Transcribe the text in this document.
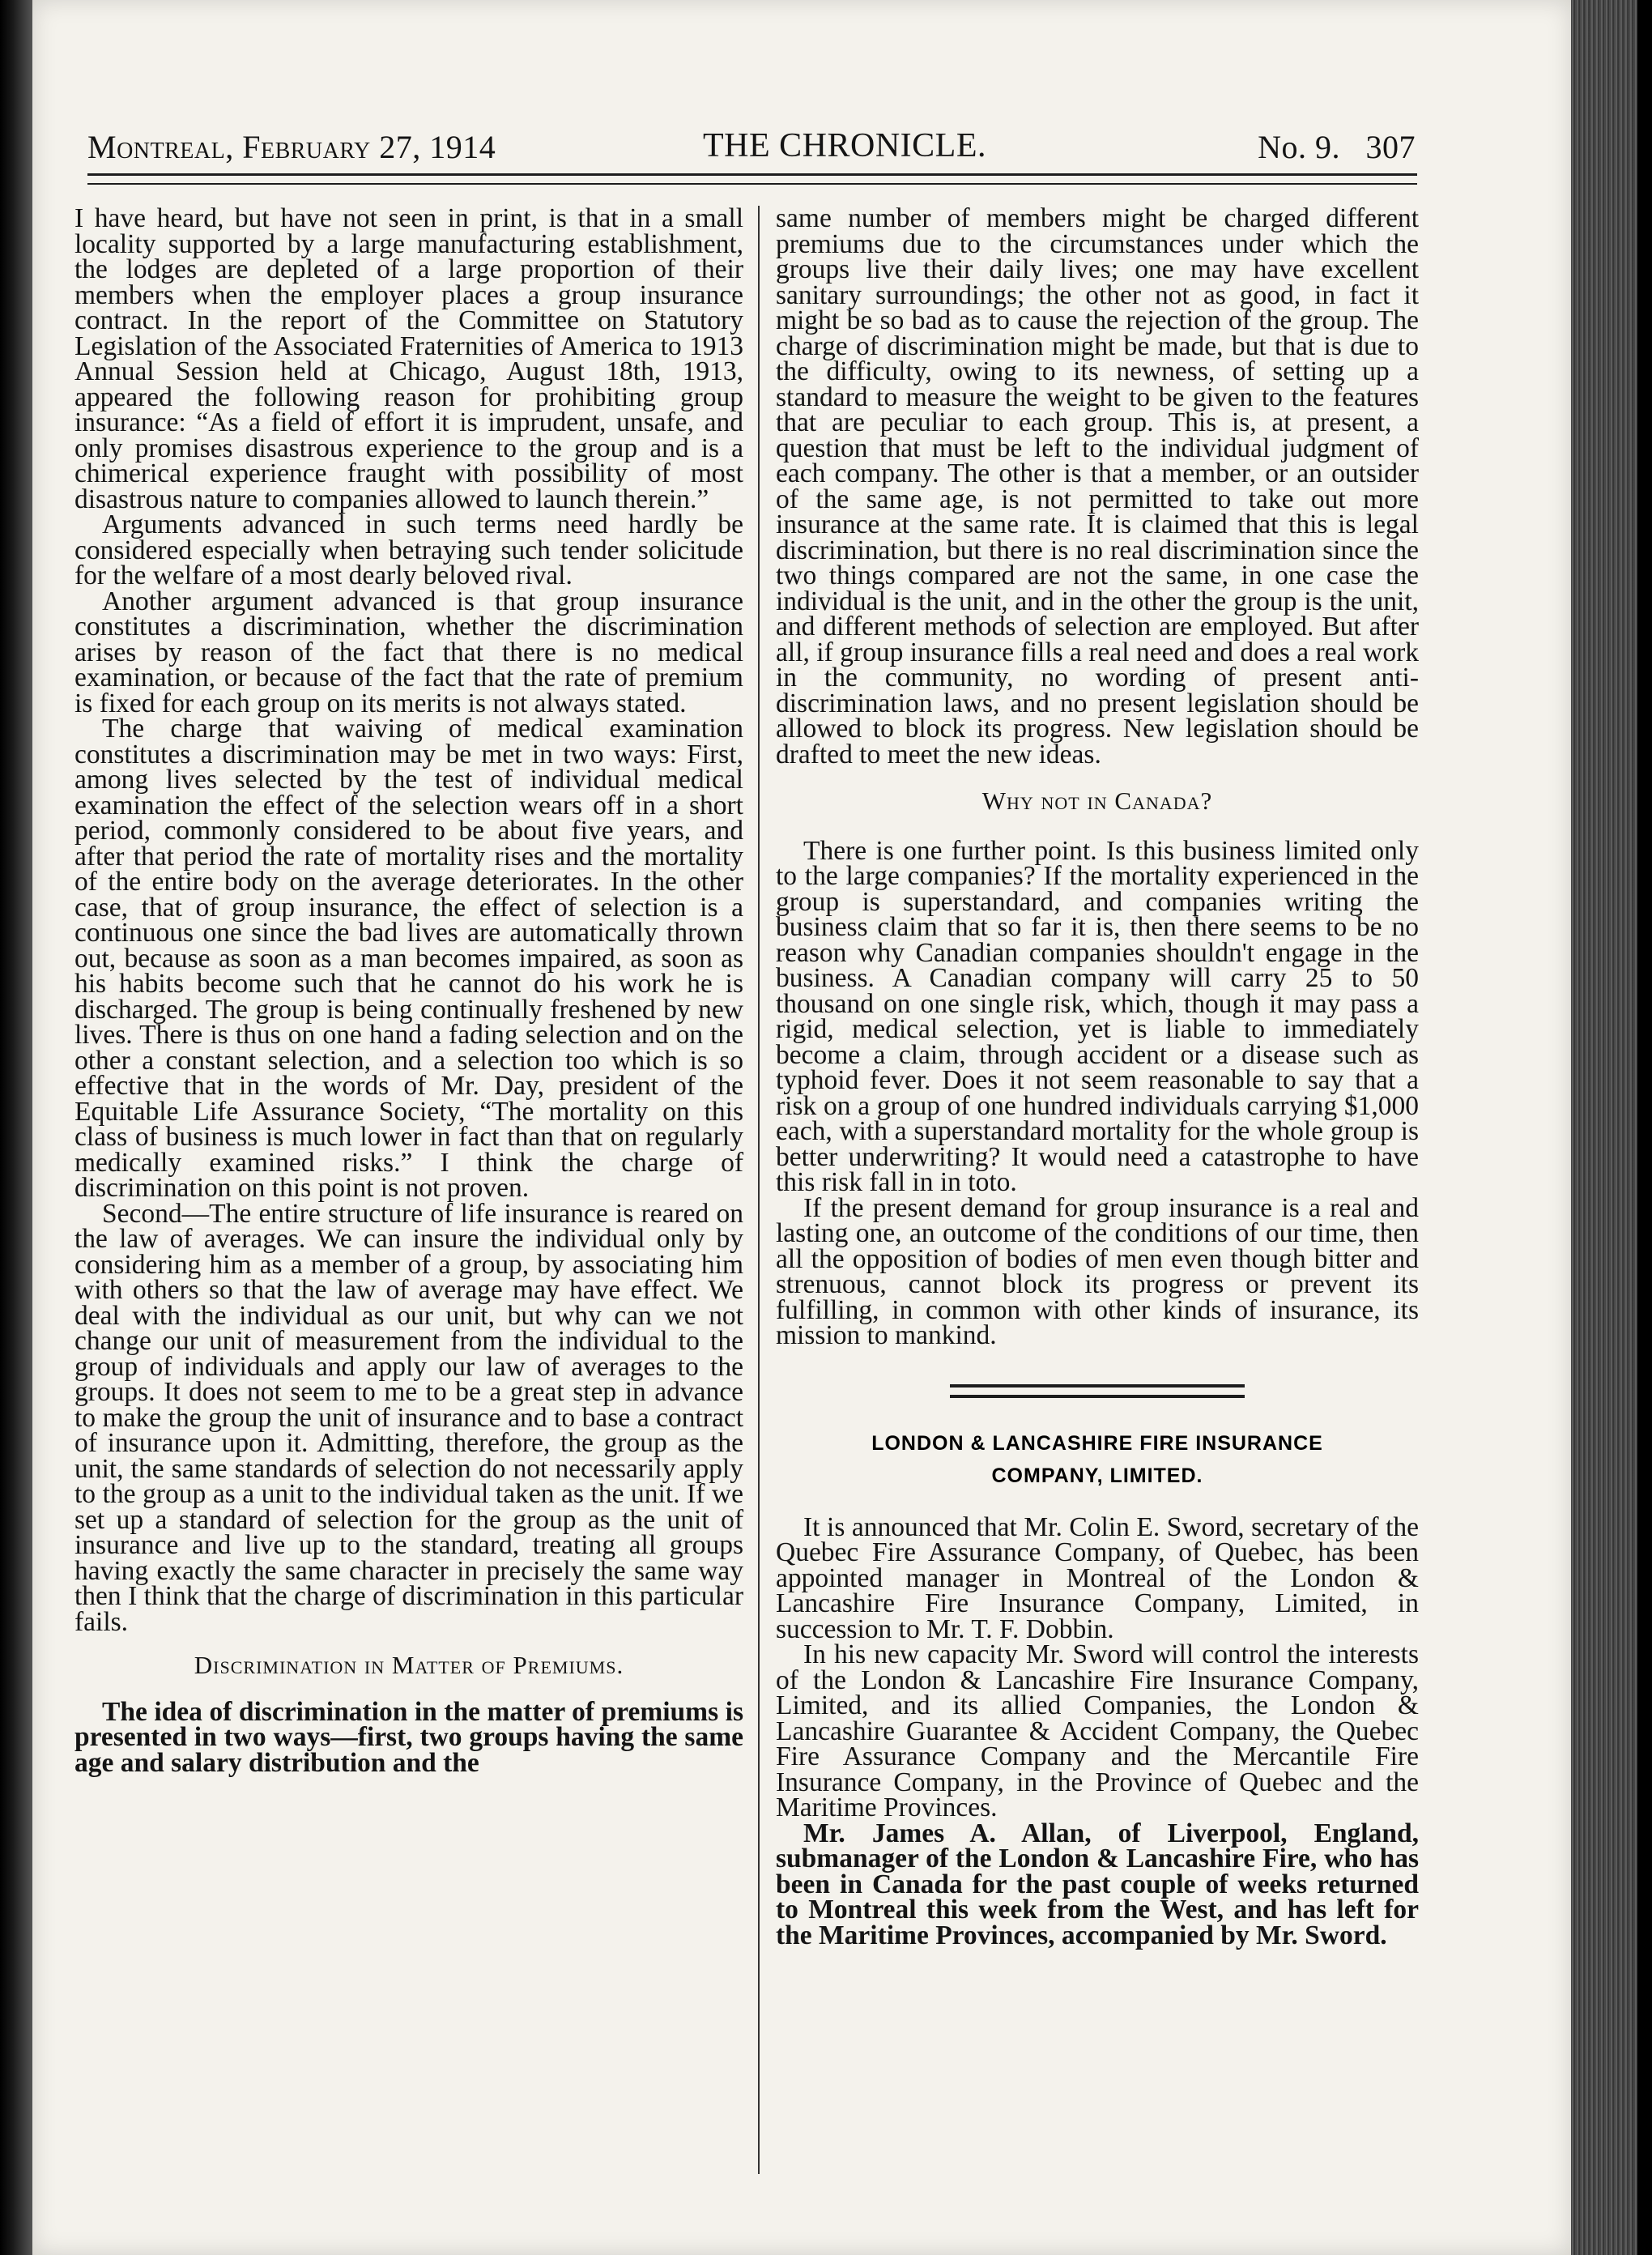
Montreal, February 27, 1914	THE CHRONICLE.	No. 9.   307

I have heard, but have not seen in print, is that in a small locality supported by a large manufacturing establishment, the lodges are depleted of a large proportion of their members when the employer places a group insurance contract. In the report of the Committee on Statutory Legislation of the Associated Fraternities of America to 1913 Annual Session held at Chicago, August 18th, 1913, appeared the following reason for prohibiting group insurance: “As a field of effort it is imprudent, unsafe, and only promises disastrous experience to the group and is a chimerical experience fraught with possibility of most disastrous nature to companies allowed to launch therein.”

Arguments advanced in such terms need hardly be considered especially when betraying such tender solicitude for the welfare of a most dearly beloved rival.

Another argument advanced is that group insurance constitutes a discrimination, whether the discrimination arises by reason of the fact that there is no medical examination, or because of the fact that the rate of premium is fixed for each group on its merits is not always stated.

The charge that waiving of medical examination constitutes a discrimination may be met in two ways: First, among lives selected by the test of individual medical examination the effect of the selection wears off in a short period, commonly considered to be about five years, and after that period the rate of mortality rises and the mortality of the entire body on the average deteriorates. In the other case, that of group insurance, the effect of selection is a continuous one since the bad lives are automatically thrown out, because as soon as a man becomes impaired, as soon as his habits become such that he cannot do his work he is discharged. The group is being continually freshened by new lives. There is thus on one hand a fading selection and on the other a constant selection, and a selection too which is so effective that in the words of Mr. Day, president of the Equitable Life Assurance Society, “The mortality on this class of business is much lower in fact than that on regularly medically examined risks.” I think the charge of discrimination on this point is not proven.

Second—The entire structure of life insurance is reared on the law of averages. We can insure the individual only by considering him as a member of a group, by associating him with others so that the law of average may have effect. We deal with the individual as our unit, but why can we not change our unit of measurement from the individual to the group of individuals and apply our law of averages to the groups. It does not seem to me to be a great step in advance to make the group the unit of insurance and to base a contract of insurance upon it. Admitting, therefore, the group as the unit, the same standards of selection do not necessarily apply to the group as a unit to the individual taken as the unit. If we set up a standard of selection for the group as the unit of insurance and live up to the standard, treating all groups having exactly the same character in precisely the same way then I think that the charge of discrimination in this particular fails.

Discrimination in Matter of Premiums.

The idea of discrimination in the matter of premiums is presented in two ways—first, two groups having the same age and salary distribution and the

same number of members might be charged different premiums due to the circumstances under which the groups live their daily lives; one may have excellent sanitary surroundings; the other not as good, in fact it might be so bad as to cause the rejection of the group. The charge of discrimination might be made, but that is due to the difficulty, owing to its newness, of setting up a standard to measure the weight to be given to the features that are peculiar to each group. This is, at present, a question that must be left to the individual judgment of each company. The other is that a member, or an outsider of the same age, is not permitted to take out more insurance at the same rate. It is claimed that this is legal discrimination, but there is no real discrimination since the two things compared are not the same, in one case the individual is the unit, and in the other the group is the unit, and different methods of selection are employed. But after all, if group insurance fills a real need and does a real work in the community, no wording of present anti-discrimination laws, and no present legislation should be allowed to block its progress. New legislation should be drafted to meet the new ideas.

Why not in Canada?

There is one further point. Is this business limited only to the large companies? If the mortality experienced in the group is superstandard, and companies writing the business claim that so far it is, then there seems to be no reason why Canadian companies shouldn't engage in the business. A Canadian company will carry 25 to 50 thousand on one single risk, which, though it may pass a rigid, medical selection, yet is liable to immediately become a claim, through accident or a disease such as typhoid fever. Does it not seem reasonable to say that a risk on a group of one hundred individuals carrying $1,000 each, with a superstandard mortality for the whole group is better underwriting? It would need a catastrophe to have this risk fall in in toto.

If the present demand for group insurance is a real and lasting one, an outcome of the conditions of our time, then all the opposition of bodies of men even though bitter and strenuous, cannot block its progress or prevent its fulfilling, in common with other kinds of insurance, its mission to mankind.

LONDON & LANCASHIRE FIRE INSURANCE
COMPANY, LIMITED.

It is announced that Mr. Colin E. Sword, secretary of the Quebec Fire Assurance Company, of Quebec, has been appointed manager in Montreal of the London & Lancashire Fire Insurance Company, Limited, in succession to Mr. T. F. Dobbin.

In his new capacity Mr. Sword will control the interests of the London & Lancashire Fire Insurance Company, Limited, and its allied Companies, the London & Lancashire Guarantee & Accident Company, the Quebec Fire Assurance Company and the Mercantile Fire Insurance Company, in the Province of Quebec and the Maritime Provinces.

Mr. James A. Allan, of Liverpool, England, submanager of the London & Lancashire Fire, who has been in Canada for the past couple of weeks returned to Montreal this week from the West, and has left for the Maritime Provinces, accompanied by Mr. Sword.
